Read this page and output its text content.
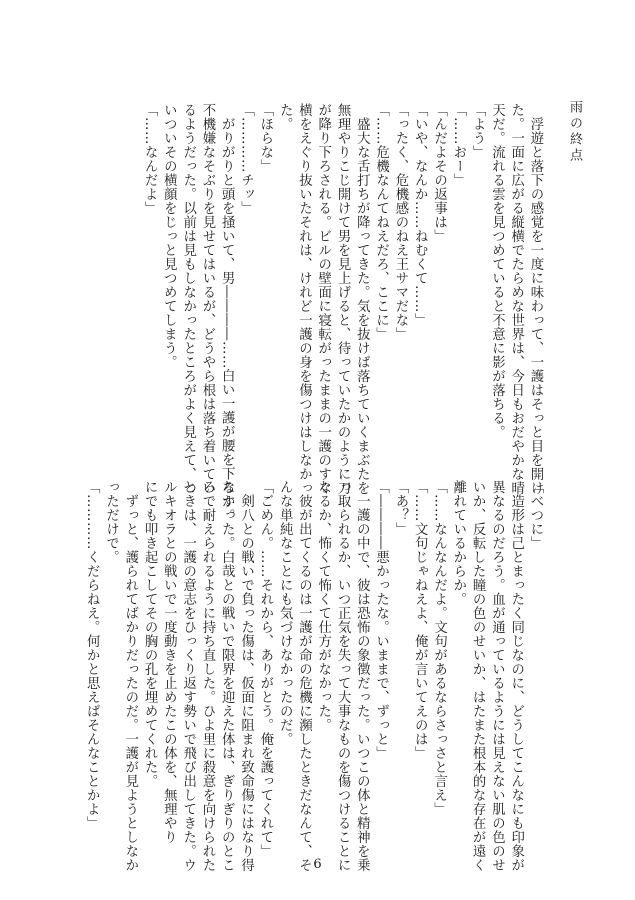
雨の終点
　浮遊と落下の感覚を一度に味わって、一護はそっと目を開け
た。一面に広がる縦横でたらめな世界は、今日もおだやかな晴
天だ。流れる雲を見つめていると不意に影が落ちる。
「よう」
「……おー」
「んだよその返事は」
「いや、なんか……ねむくて……」
「ったく、危機感のねえ王サマだな」
「……危機なんてねえだろ、ここに」
　盛大な舌打ちが降ってきた。気を抜けば落ちていくまぶたを
無理やりこじ開けて男を見上げると、待っていたかのように刀
が降り下ろされる。ビルの壁面に寝転がったままの一護のすぐ
横をえぐり抜いたそれは、けれど一護の身を傷つけはしなかっ
た。
「ほらな」
「…………チッ」
　がりがりと頭を掻いて、男――――……白い一護が腰を下ろす。
不機嫌なそぶりを見せてはいるが、どうやら根は落ち着いてい
るようだった。以前は見もしなかったところがよく見えて、つ
いついその横顔をじっと見つめてしまう。
「……なんだよ」
「べつに」
　造形は己とまったく同じなのに、どうしてこんなにも印象が
異なるのだろう。血が通っているようには見えない肌の色のせ
いか、反転した瞳の色のせいか、はたまた根本的な存在が遠く
離れているからか。
「……なんなんだよ。文句があるならさっさと言え」
「……文句じゃねえよ、俺が言いてえのは」
「あ？」
「――――悪かったな。いままで、ずっと」
　一護の中で、彼は恐怖の象徴だった。いつこの体と精神を乗
っ取られるか、いつ正気を失って大事なものを傷つけることに
なるか、怖くて怖くて仕方がなかった。
　彼が出てくるのは一護が命の危機に瀕したときだなんて、そ
んな単純なことにも気づけなかったのだ。
「ごめん。……それから、ありがとう。俺を護ってくれて」
　剣八との戦いで負った傷は、仮面に阻まれ致命傷にはなり得
なかった。白哉との戦いで限界を迎えた体は、ぎりぎりのとこ
ろで耐えられるように持ち直した。ひよ里に殺意を向けられた
ときは、一護の意志をひっくり返す勢いで飛び出してきた。ウ
ルキオラとの戦いで一度動きを止めたこの体を、無理やり
にでも叩き起こしてその胸の孔を埋めてくれた。
　ずっと、護られてばかりだったのだ。一護が見ようとしなか
っただけで。
「…………くだらねえ。何かと思えばそんなことかよ」
6
